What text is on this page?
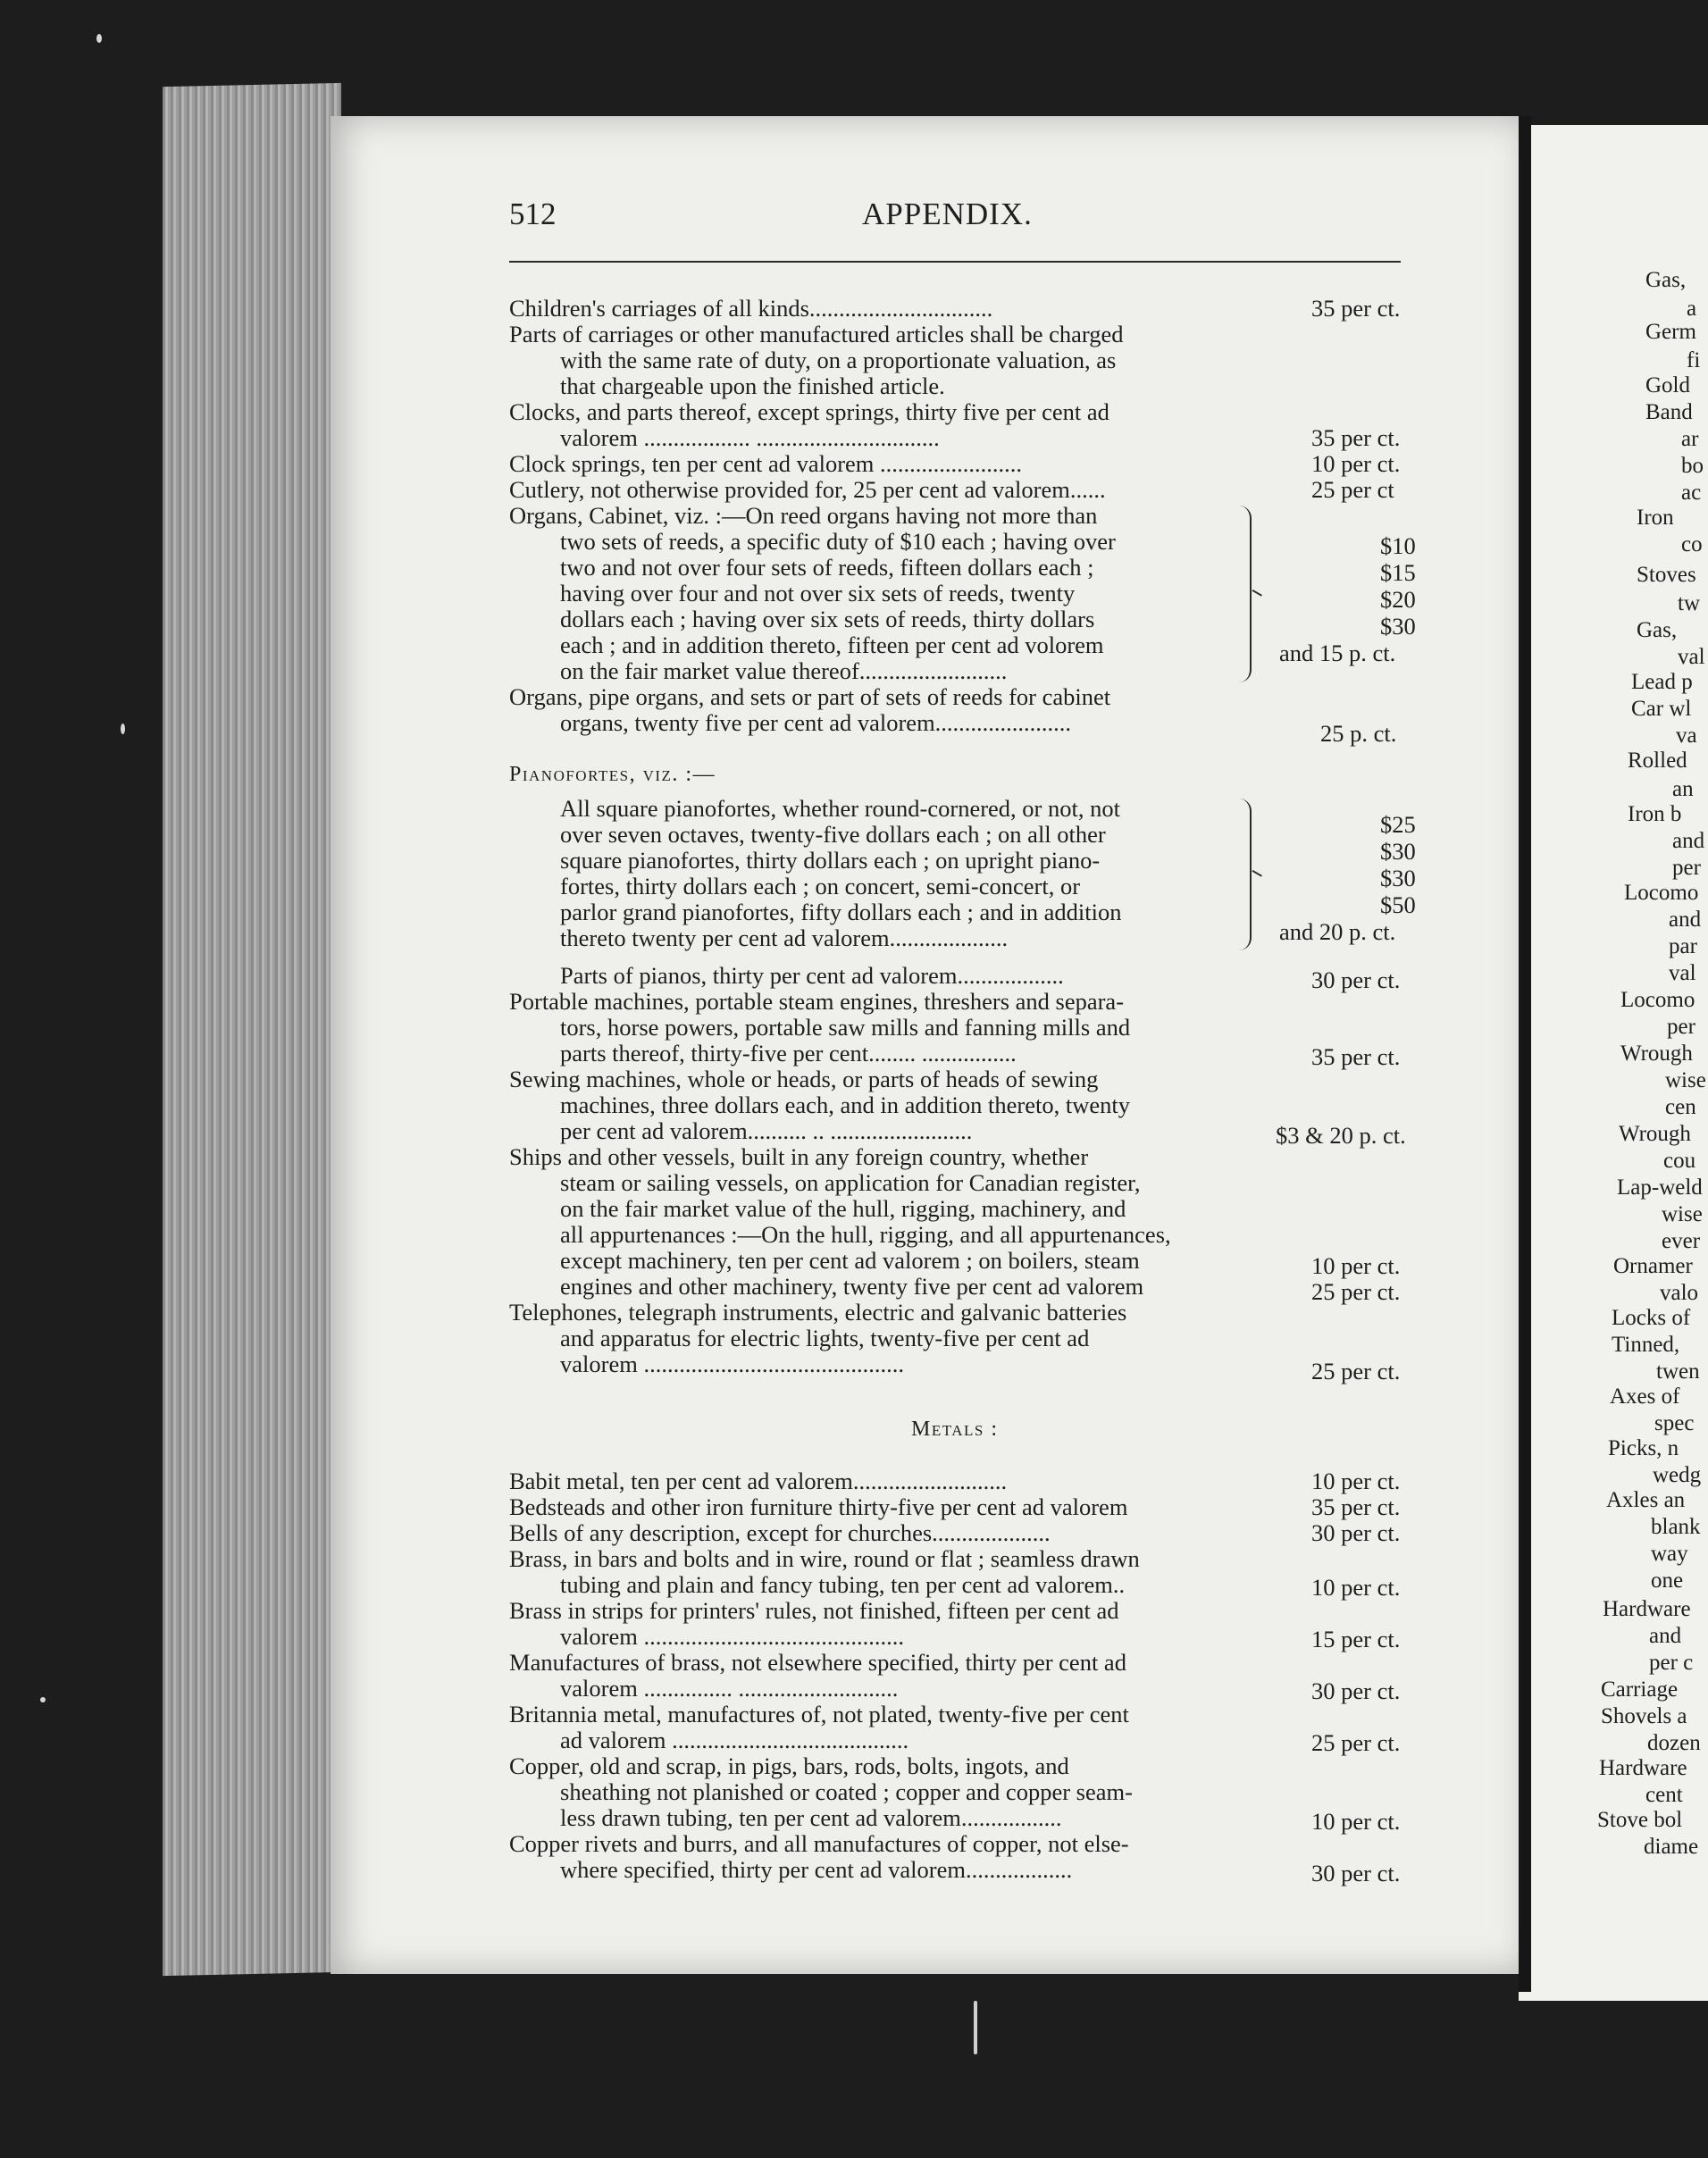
512	APPENDIX.
Children's carriages of all kinds...............................
Parts of carriages or other manufactured articles shall be charged
with the same rate of duty, on a proportionate valuation, as
that chargeable upon the finished article.
Clocks, and parts thereof, except springs, thirty five per cent ad
valorem .................. ...............................
Clock springs, ten per cent ad valorem ........................
Cutlery, not otherwise provided for, 25 per cent ad valorem......
Organs, Cabinet, viz. :—On reed organs having not more than
two sets of reeds, a specific duty of $10 each ; having over
two and not over four sets of reeds, fifteen dollars each ;
having over four and not over six sets of reeds, twenty
dollars each ; having over six sets of reeds, thirty dollars
each ; and in addition thereto, fifteen per cent ad volorem
on the fair market value thereof.........................
Organs, pipe organs, and sets or part of sets of reeds for cabinet
organs, twenty five per cent ad valorem.......................
Pianofortes, viz. :—
All square pianofortes, whether round-cornered, or not, not
over seven octaves, twenty-five dollars each ; on all other
square pianofortes, thirty dollars each ; on upright piano-
fortes, thirty dollars each ; on concert, semi-concert, or
parlor grand pianofortes, fifty dollars each ; and in addition
thereto twenty per cent ad valorem....................
Parts of pianos, thirty per cent ad valorem..................
Portable machines, portable steam engines, threshers and separa-
tors, horse powers, portable saw mills and fanning mills and
parts thereof, thirty-five per cent........ ................
Sewing machines, whole or heads, or parts of heads of sewing
machines, three dollars each, and in addition thereto, twenty
per cent ad valorem.......... .. ........................
Ships and other vessels, built in any foreign country, whether
steam or sailing vessels, on application for Canadian register,
on the fair market value of the hull, rigging, machinery, and
all appurtenances :—On the hull, rigging, and all appurtenances,
except machinery, ten per cent ad valorem ; on boilers, steam
engines and other machinery, twenty five per cent ad valorem
Telephones, telegraph instruments, electric and galvanic batteries
and apparatus for electric lights, twenty-five per cent ad
valorem ............................................
Metals :
Babit metal, ten per cent ad valorem..........................
Bedsteads and other iron furniture thirty-five per cent ad valorem
Bells of any description, except for churches....................
Brass, in bars and bolts and in wire, round or flat ; seamless drawn
tubing and plain and fancy tubing, ten per cent ad valorem..
Brass in strips for printers' rules, not finished, fifteen per cent ad
valorem ............................................
Manufactures of brass, not elsewhere specified, thirty per cent ad
valorem ............... ...........................
Britannia metal, manufactures of, not plated, twenty-five per cent
ad valorem ........................................
Copper, old and scrap, in pigs, bars, rods, bolts, ingots, and
sheathing not planished or coated ; copper and copper seam-
less drawn tubing, ten per cent ad valorem.................
Copper rivets and burrs, and all manufactures of copper, not else-
where specified, thirty per cent ad valorem..................
35 per ct.
35 per ct.
10 per ct.
25 per ct
$10
$15
$20
$30
and 15 p. ct.
25 p. ct.
$25
$30
$30
$50
and 20 p. ct.
30 per ct.
35 per ct.
$3 & 20 p. ct.
10 per ct.
25 per ct.
25 per ct.
10 per ct.
35 per ct.
30 per ct.
10 per ct.
15 per ct.
30 per ct.
25 per ct.
10 per ct.
30 per ct.
Gas,
a
Germ
fi
Gold
Band
ar
bo
ac
Iron
co
Stoves
tw
Gas,
val
Lead p
Car wl
va
Rolled
an
Iron b
and
per
Locomo
and
par
val
Locomo
per
Wrough
wise
cen
Wrough
cou
Lap-weld
wise
ever
Ornamer
valo
Locks of
Tinned,
twen
Axes of
spec
Picks, n
wedg
Axles an
blank
way
one
Hardware
and
per c
Carriage
Shovels a
dozen
Hardware
cent
Stove bol
diame
